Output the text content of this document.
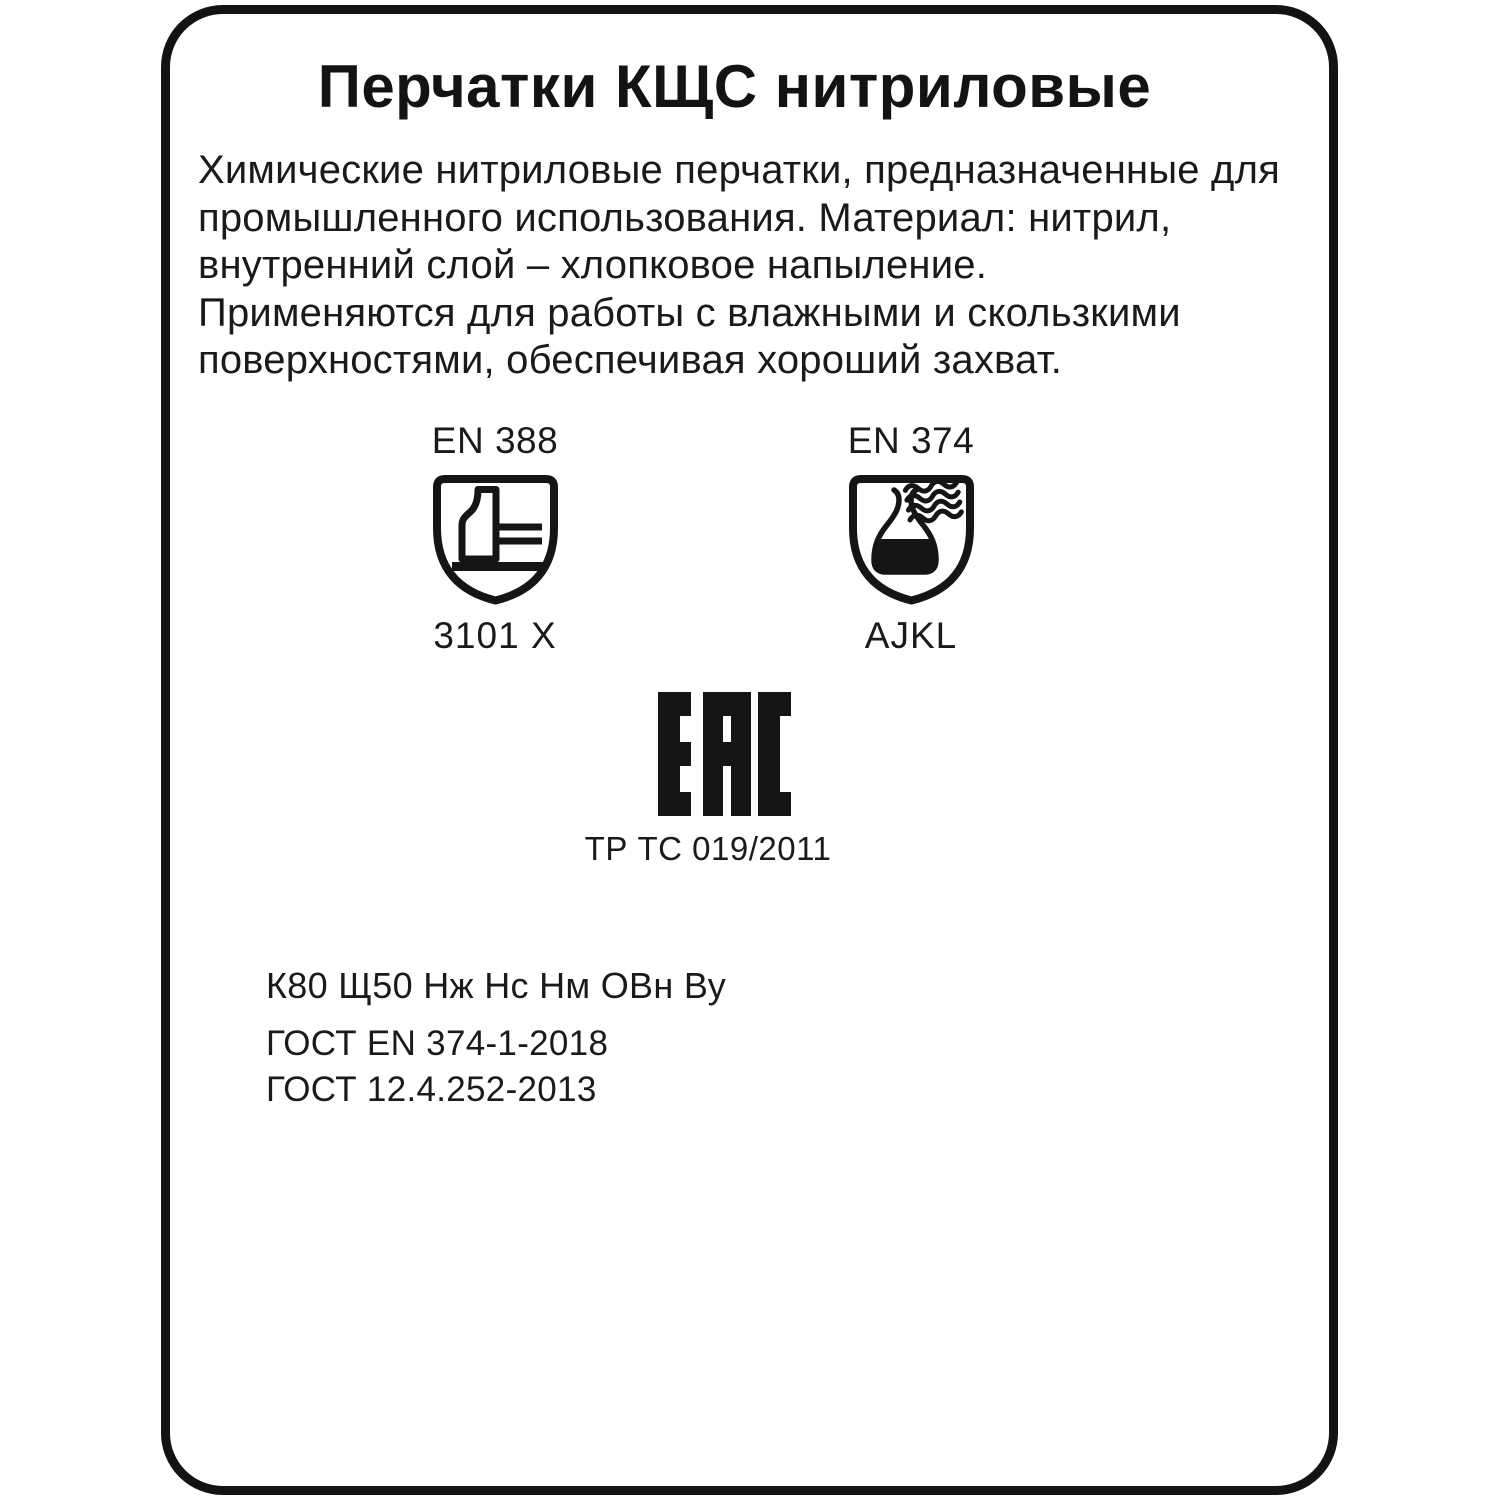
Перчатки КЩС нитриловые
Химические нитриловые перчатки, предназначенные для
промышленного использования. Материал: нитрил,
внутренний слой – хлопковое напыление.
Применяются для работы с влажными и скользкими
поверхностями, обеспечивая хороший захват.
EN 388
3101 X
EN 374
AJKL
ТР ТС 019/2011
К80 Щ50 Нж Нс Нм ОВн Ву
ГОСТ EN 374-1-2018
ГОСТ 12.4.252-2013
